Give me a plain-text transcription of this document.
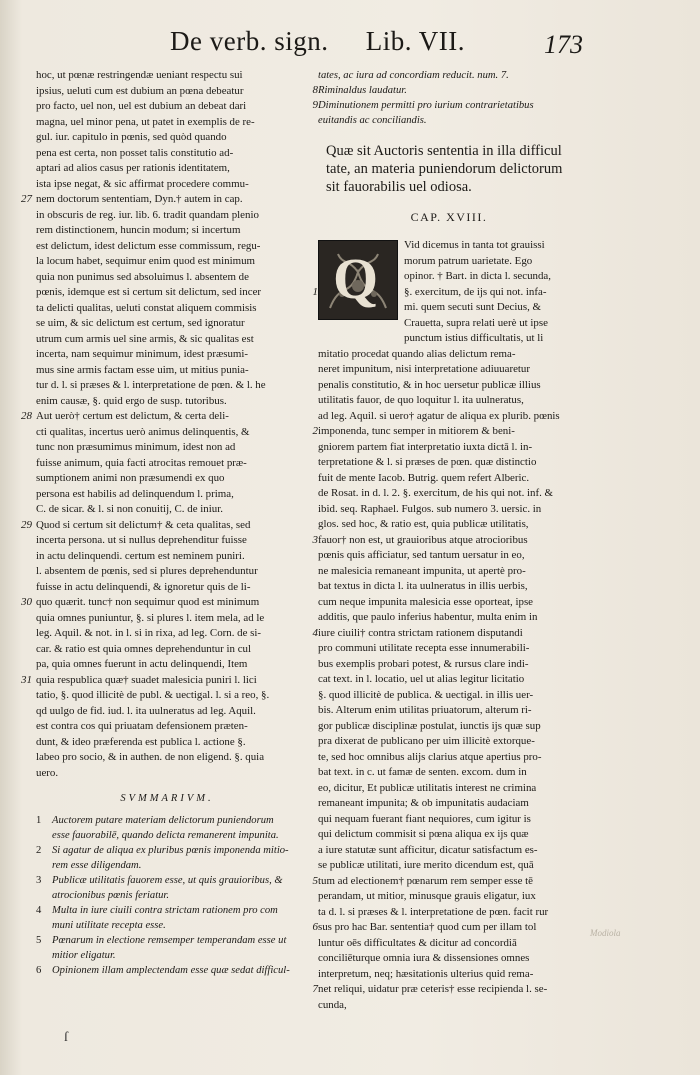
De verb. sign. Lib. VII.	173
hoc, ut pœnæ restringendæ ueniant respectu sui
ipsius, ueluti cum est dubium an pœna debeatur
pro facto, uel non, uel est dubium an debeat dari
magna, uel minor pena, ut patet in exemplis de re-
gul. iur. capitulo in pœnis, sed quòd quando
pena est certa, non posset talis constitutio ad-
aptari ad alios casus per rationis identitatem,
ista ipse negat, & sic affirmat procedere commu-
27 nem doctorum sententiam, Dyn.† autem in cap.
in obscuris de reg. iur. lib. 6. tradit quandam plenio
rem distinctionem, huncin modum; si incertum
est delictum, idest delictum esse commissum, regu-
la locum habet, sequimur enim quod est minimum
quia non punimus sed absoluimus l. absentem de
pœnis, idemque est si certum sit delictum, sed incer
ta delicti qualitas, ueluti constat aliquem commisis
se uim, & sic delictum est certum, sed ignoratur
utrum cum armis uel sine armis, & sic qualitas est
incerta, nam sequimur minimum, idest præsumi-
mus sine armis factam esse uim, ut mitius punia-
tur d. l. si præses & l. interpretatione de pœn. & l. he
enim causæ, §. quid ergo de susp. tutoribus.
28 Aut uerò† certum est delictum, & certa deli-
cti qualitas, incertus uerò animus delinquentis, &
tunc non præsumimus minimum, idest non ad
fuisse animum, quia facti atrocitas remouet præ-
sumptionem animi non præsumendi ex quo
persona est habilis ad delinquendum l. prima,
C. de sicar. & l. si non conuitij, C. de iniur.
29 Quod si certum sit delictum† & ceta qualitas, sed
incerta persona. ut si nullus deprehenditur fuisse
in actu delinquendi. certum est neminem puniri.
l. absentem de pœnis, sed si plures deprehenduntur
fuisse in actu delinquendi, & ignoretur quis de li-
30 quo quærit. tunc† non sequimur quod est minimum
quia omnes puniuntur, §. si plures l. item mela, ad le
leg. Aquil. & not. in l. si in rixa, ad leg. Corn. de si-
car. & ratio est quia omnes deprehenduntur in cul
pa, quia omnes fuerunt in actu delinquendi, Item
31 quia respublica quæ† suadet malesicia puniri l. lici
tatio, §. quod illicitè de publ. & uectigal. l. si a reo, §.
qd uulgo de fid. iud. l. ita uulneratus ad leg. Aquil.
est contra cos qui priuatam defensionem præten-
dunt, & ideo præferenda est publica l. actione §.
labeo pro socio, & in authen. de non eligend. §. quia
uero.
SVMMARIVM.
1 Auctorem putare materiam delictorum puniendorum
esse fauorabilē, quando delicta remanerent impunita.
2 Si agatur de aliqua ex pluribus pœnis imponenda mitio-
rem esse diligendam.
3 Publicæ utilitatis fauorem esse, ut quis grauioribus, &
atrocionibus pœnis feriatur.
4 Multa in iure ciuili contra strictam rationem pro com
muni utilitate recepta esse.
5 Pœnarum in electione remsemper temperandam esse ut
mitior eligatur.
6 Opinionem illam amplectendam esse quæ sedat difficul-
tates, ac iura ad concordiam reducit. num. 7.
8 Riminaldus laudatur.
9 Diminutionem permitti pro iurium contrarietatibus
euitandis ac conciliandis.
Quæ sit Auctoris sententia in illa difficul
tate, an materia puniendorum delictorum
sit fauorabilis uel odiosa.
CAP. XVIII.
Q
Vid dicemus in tanta tot grauissi
morum patrum uarietate. Ego
opinor. † Bart. in dicta l. secunda,
1	§. exercitum, de ijs qui not. infa-
mi. quem secuti sunt Decius, &
Crauetta, supra relati uerè ut ipse
punctum istius difficultatis, ut li
mitatio procedat quando alias delictum rema-
neret impunitum, nisi interpretatione adiuuaretur
penalis constitutio, & in hoc uersetur publicæ illius
utilitatis fauor, de quo loquitur l. ita uulneratus,
ad leg. Aquil. si uero† agatur de aliqua ex plurib. pœnis
2 imponenda, tunc semper in mitiorem & beni-
gniorem partem fiat interpretatio iuxta dictā l. in-
terpretatione & l. si præses de pœn. quæ distinctio
fuit de mente Iacob. Butrig. quem refert Alberic.
de Rosat. in d. l. 2. §. exercitum, de his qui not. inf. &
ibid. seq. Raphael. Fulgos. sub numero 3. uersic. in
glos. sed hoc, & ratio est, quia publicæ utilitatis,
3 fauor† non est, ut grauioribus atque atrocioribus
pœnis quis afficiatur, sed tantum uersatur in eo,
ne malesicia remaneant impunita, ut apertè pro-
bat textus in dicta l. ita uulneratus in illis uerbis,
cum neque impunita malesicia esse oporteat, ipse
additis, que paulo inferius habentur, multa enim in
4 iure ciuili† contra strictam rationem disputandi
pro communi utilitate recepta esse innumerabili-
bus exemplis probari potest, & rursus clare indi-
cat text. in l. locatio, uel ut alias legitur licitatio
§. quod illicitè de publica. & uectigal. in illis uer-
bis. Alterum enim utilitas priuatorum, alterum ri-
gor publicæ disciplinæ postulat, iunctis ijs quæ sup
pra dixerat de publicano per uim illicitè extorque-
te, sed hoc omnibus alijs clarius atque apertius pro-
bat text. in c. ut famæ de senten. excom. dum in
eo, dicitur, Et publicæ utilitatis interest ne crimina
remaneant impunita; & ob impunitatis audaciam
qui nequam fuerant fiant nequiores, cum igitur is
qui delictum commisit si pœna aliqua ex ijs quæ
a iure statutæ sunt afficitur, dicatur satisfactum es-
se publicæ utilitati, iure merito dicendum est, quā
5 tum ad electionem† pœnarum rem semper esse tē
perandam, ut mitior, minusque grauis eligatur, iux
ta d. l. si præses & l. interpretatione de pœn. facit rur
6 sus pro hac Bar. sententia† quod cum per illam tol
luntur oēs difficultates & dicitur ad concordiā
conciliēturque omnia iura & dissensiones omnes
interpretum, neq; hæsitationis ulterius quid rema-
7 net reliqui, uidatur præ ceteris† esse recipienda l. se-
cunda,
ſ
Modiola
